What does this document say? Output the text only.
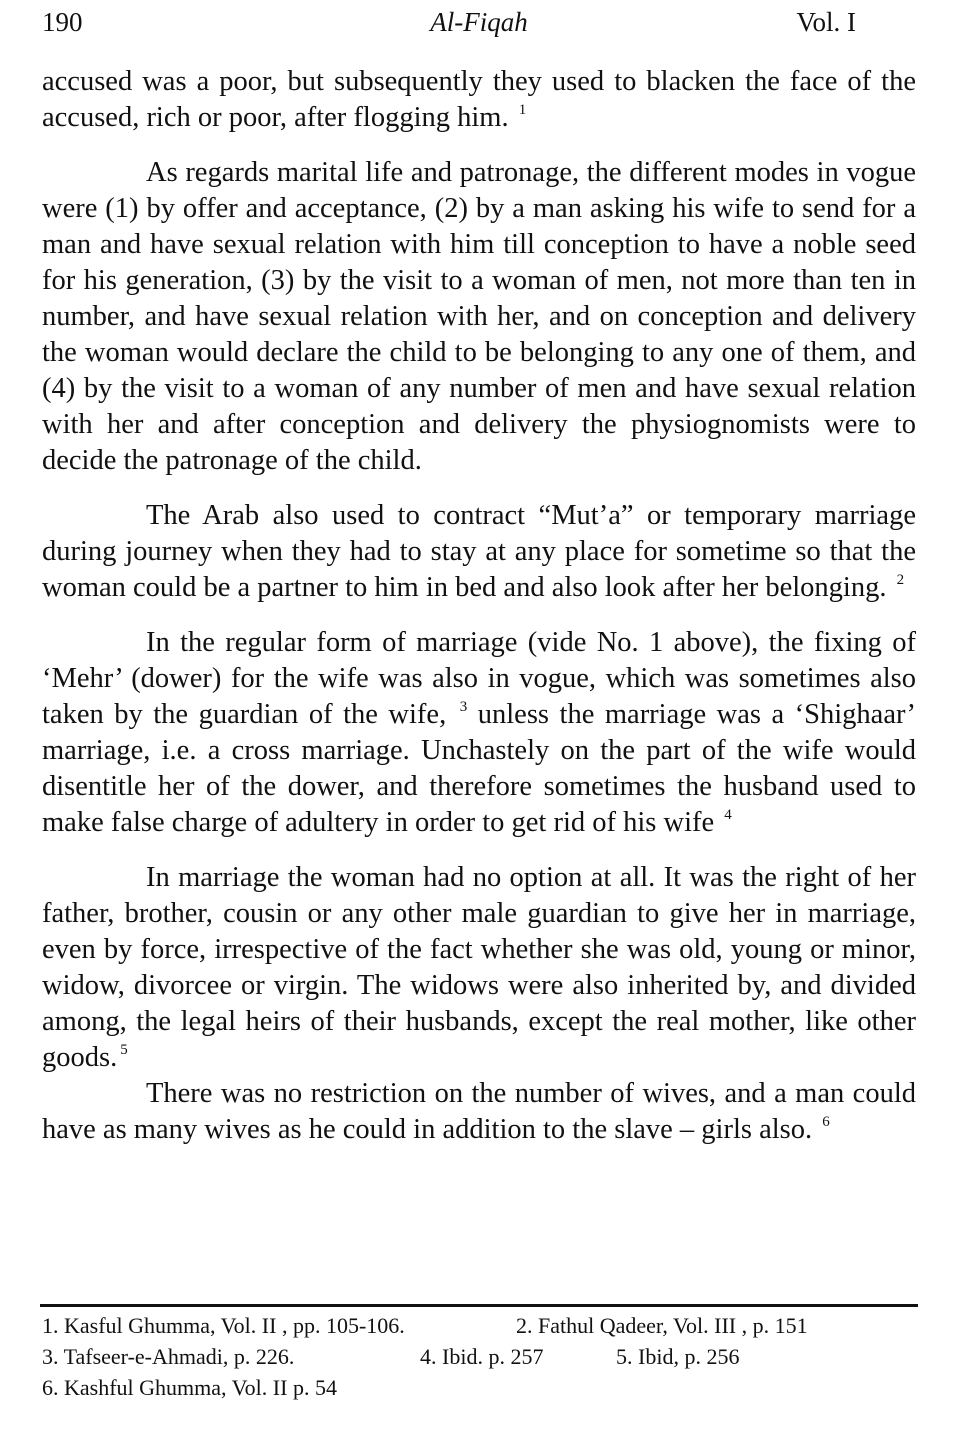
190	Al-Fiqah	Vol. I

accused was a poor, but subsequently they used to blacken the face of the accused, rich or poor, after flogging him. $^1$

As regards marital life and patronage, the different modes in vogue were (1) by offer and acceptance, (2) by a man asking his wife to send for a man and have sexual relation with him till conception to have a noble seed for his generation, (3) by the visit to a woman of men, not more than ten in number, and have sexual relation with her, and on conception and delivery the woman would declare the child to be belonging to any one of them, and (4) by the visit to a woman of any number of men and have sexual relation with her and after conception and delivery the physiognomists were to decide the patronage of the child.

The Arab also used to contract “Mut’a” or temporary marriage during journey when they had to stay at any place for sometime so that the woman could be a partner to him in bed and also look after her belonging. $^2$

In the regular form of marriage (vide No. 1 above), the fixing of ‘Mehr’ (dower) for the wife was also in vogue, which was sometimes also taken by the guardian of the wife, $^3$ unless the marriage was a ‘Shighaar’ marriage, i.e. a cross marriage. Unchastely on the part of the wife would disentitle her of the dower, and therefore sometimes the husband used to make false charge of adultery in order to get rid of his wife $^4$

In marriage the woman had no option at all. It was the right of her father, brother, cousin or any other male guardian to give her in marriage, even by force, irrespective of the fact whether she was old, young or minor, widow, divorcee or virgin. The widows were also inherited by, and divided among, the legal heirs of their husbands, except the real mother, like other goods. $^5$

There was no restriction on the number of wives, and a man could have as many wives as he could in addition to the slave – girls also. $^6$

1. Kasful Ghumma, Vol. II , pp. 105-106.	2. Fathul Qadeer, Vol. III , p. 151
3. Tafseer-e-Ahmadi, p. 226.	4. Ibid. p. 257	5. Ibid, p. 256
6. Kashful Ghumma, Vol. II p. 54
